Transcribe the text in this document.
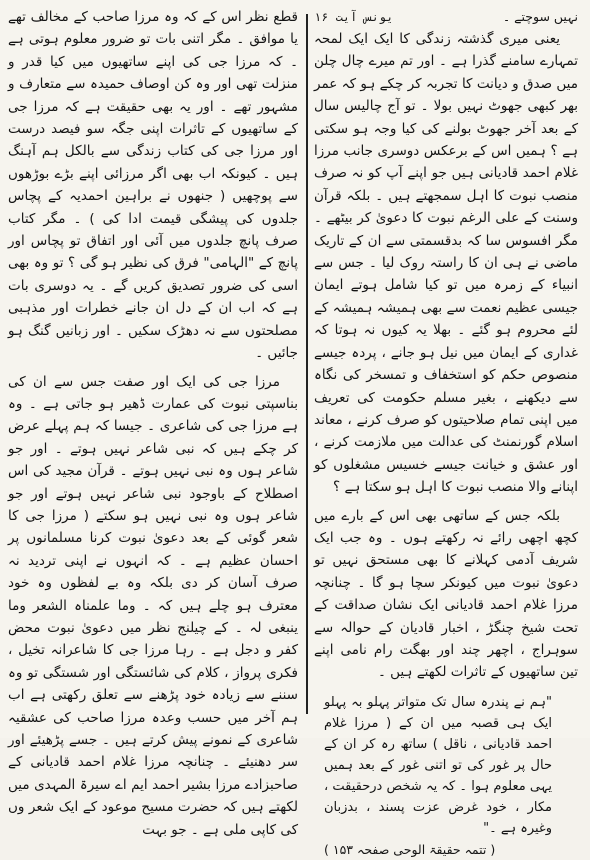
نہیں سوچتے ۔
یونس آیت ۱۶

یعنی میری گذشتہ زندگی کا ایک ایک لمحہ تمہارے سامنے گذرا ہے ۔ اور تم میرے چال چلن میں صدق و دیانت کا تجربہ کر چکے ہو کہ عمر بھر کبھی جھوٹ نہیں بولا ۔ تو آج چالیس سال کے بعد آخر جھوٹ بولنے کی کیا وجہ ہو سکتی ہے ؟ ہمیں اس کے برعکس دوسری جانب مرزا غلام احمد قادیانی ہیں جو اپنے آپ کو نہ صرف منصب نبوت کا اہل سمجھتے ہیں ۔ بلکہ قرآن وسنت کے علی الرغم نبوت کا دعویٰ کر بیٹھے ۔ مگر افسوس سا کہ بدقسمتی سے ان کے تاریک ماضی نے ہی ان کا راستہ روک لیا ۔ جس سے انبیاء کے زمرہ میں تو کیا شامل ہوتے ایمان جیسی عظیم نعمت سے بھی ہمیشہ ہمیشہ کے لئے محروم ہو گئے ۔ بھلا یہ کیوں نہ ہوتا کہ غداری کے ایمان میں نیل ہو جانے ، پردہ جیسے منصوص حکم کو استخفاف و تمسخر کی نگاہ سے دیکھنے ، بغیر مسلم حکومت کی تعریف میں اپنی تمام صلاحیتوں کو صرف کرنے ، معاند اسلام گورنمنٹ کی عدالت میں ملازمت کرنے ، اور عشق و خیانت جیسے خسیس مشغلوں کو اپنانے والا منصب نبوت کا اہل ہو سکتا ہے ؟

بلکہ جس کے ساتھی بھی اس کے بارے میں کچھ اچھی رائے نہ رکھتے ہوں ۔ وہ جب ایک شریف آدمی کہلانے کا بھی مستحق نہیں تو دعویٰ نبوت میں کیونکر سچا ہو گا ۔ چنانچہ مرزا غلام احمد قادیانی ایک نشان صداقت کے تحت شیخ چنگڑ ، اخبار قادیان کے حوالہ سے سوہراج ، اچھر چند اور بھگت رام نامی اپنے تین ساتھیوں کے تاثرات لکھتے ہیں ۔

"ہم نے پندرہ سال تک متواتر پہلو بہ پہلو ایک ہی قصبہ میں ان کے ( مرزا غلام احمد قادیانی ، ناقل ) ساتھ رہ کر ان کے حال پر غور کی تو اتنی غور کے بعد ہمیں یہی معلوم ہوا ۔ کہ یہ شخص درحقیقت ، مکار ، خود غرض عزت پسند ، بدزبان وغیرہ ہے ۔"

( تتمہ حقیقۃ الوحی صفحہ ۱۵۳ )

قطع نظر اس کے کہ وہ مرزا صاحب کے مخالف تھے یا موافق ۔ مگر اتنی بات تو ضرور معلوم ہوتی ہے ۔ کہ مرزا جی کی اپنے ساتھیوں میں کیا قدر و منزلت تھی اور وہ کن اوصاف حمیدہ سے متعارف و مشہور تھے ۔ اور یہ بھی حقیقت ہے کہ مرزا جی کے ساتھیوں کے تاثرات اپنی جگہ سو فیصد درست اور مرزا جی کی کتاب زندگی سے بالکل ہم آہنگ ہیں ۔ کیونکہ اب بھی اگر مرزائی اپنے بڑے بوڑھوں سے پوچھیں ( جنھوں نے براہین احمدیہ کے پچاس جلدوں کی پیشگی قیمت ادا کی ) ۔ مگر کتاب صرف پانچ جلدوں میں آئی اور اتفاق تو پچاس اور پانچ کے "الہامی" فرق کی نظیر ہو گی ؟ تو وہ بھی اسی کی ضرور تصدیق کریں گے ۔ یہ دوسری بات ہے کہ اب ان کے دل ان جانے خطرات اور مذہبی مصلحتوں سے نہ دھڑک سکیں ۔ اور زبانیں گنگ ہو جائیں ۔

مرزا جی کی ایک اور صفت جس سے ان کی بناسپتی نبوت کی عمارت ڈھیر ہو جاتی ہے ۔ وہ ہے مرزا جی کی شاعری ۔ جیسا کہ ہم پہلے عرض کر چکے ہیں کہ نبی شاعر نہیں ہوتے ۔ اور جو شاعر ہوں وہ نبی نہیں ہوتے ۔ قرآن مجید کی اس اصطلاح کے باوجود نبی شاعر نہیں ہوتے اور جو شاعر ہوں وہ نبی نہیں ہو سکتے ( مرزا جی کا شعر گوئی کے بعد دعویٰ نبوت کرنا مسلمانوں پر احسان عظیم ہے ۔ کہ انہوں نے اپنی تردید نہ صرف آسان کر دی بلکہ وہ بے لفظوں وہ خود معترف ہو چلے ہیں کہ ۔ وما علمناہ الشعر وما ینبغی لہ ۔ کے چیلنج نظر میں دعویٰ نبوت محض کفر و دجل ہے ۔ رہا مرزا جی کا شاعرانہ تخیل ، فکری پرواز ، کلام کی شائستگی اور شستگی تو وہ سننے سے زیادہ خود پڑھنے سے تعلق رکھتی ہے اب ہم آخر میں حسب وعدہ مرزا صاحب کی عشقیہ شاعری کے نمونے پیش کرتے ہیں ۔ جسے پڑھیئے اور سر دھنیئے ۔ چنانچہ مرزا غلام احمد قادیانی کے صاحبزادے مرزا بشیر احمد ایم اے سیرۃ المہدی میں لکھتے ہیں کہ حضرت مسیح موعود کے ایک شعر وں کی کاپی ملی ہے ۔ جو بہت
